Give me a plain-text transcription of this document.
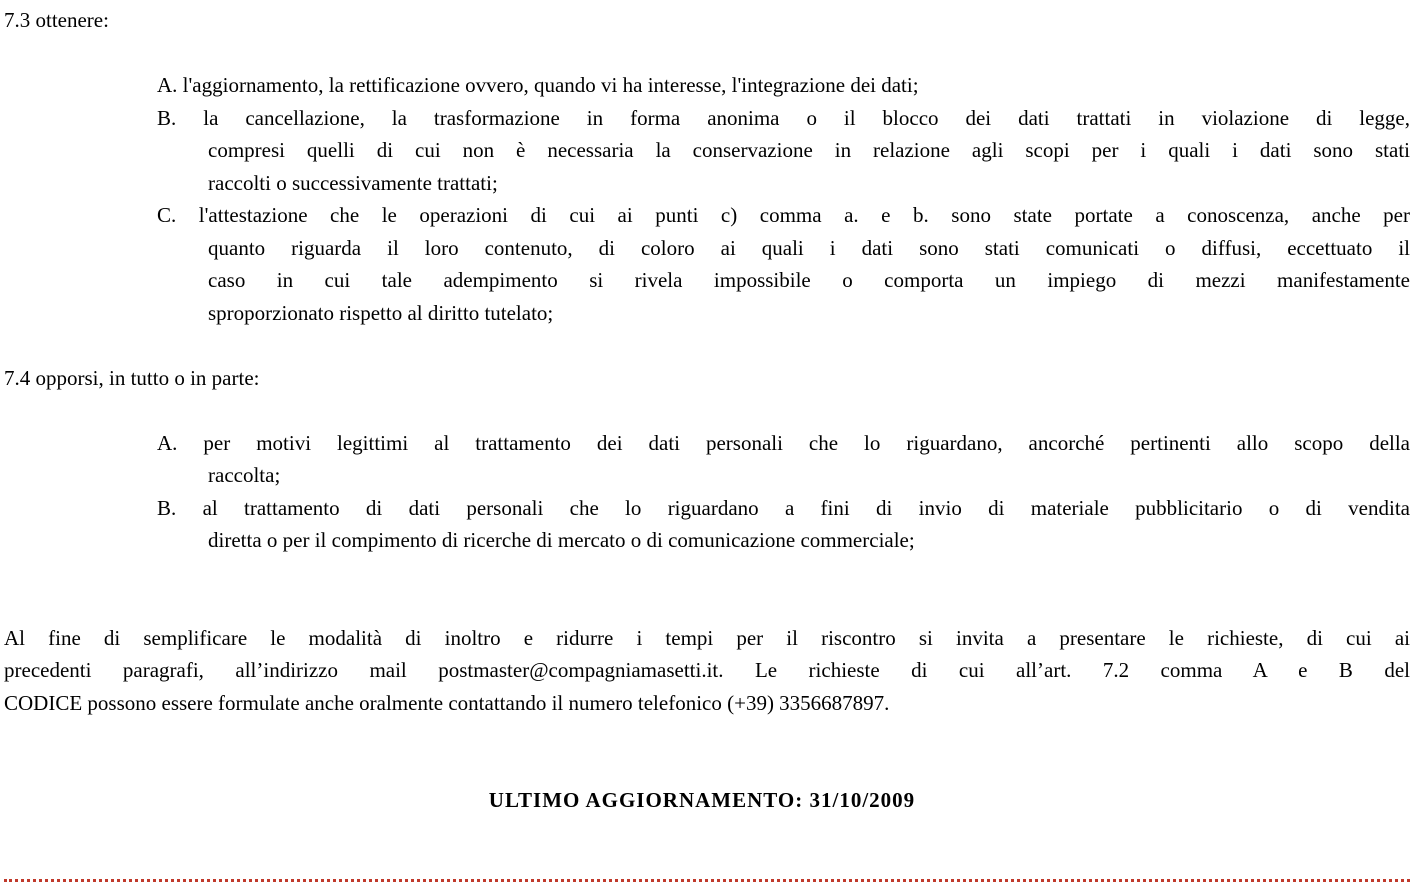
7.3 ottenere:

A. l'aggiornamento, la rettificazione ovvero, quando vi ha interesse, l'integrazione dei dati;
B. la cancellazione, la trasformazione in forma anonima o il blocco dei dati trattati in violazione di legge,
compresi quelli di cui non è necessaria la conservazione in relazione agli scopi per i quali i dati sono stati
raccolti o successivamente trattati;
C. l'attestazione che le operazioni di cui ai punti c) comma a. e b. sono state portate a conoscenza, anche per
quanto riguarda il loro contenuto, di coloro ai quali i dati sono stati comunicati o diffusi, eccettuato il
caso in cui tale adempimento si rivela impossibile o comporta un impiego di mezzi manifestamente
sproporzionato rispetto al diritto tutelato;

7.4 opporsi, in tutto o in parte:

A. per motivi legittimi al trattamento dei dati personali che lo riguardano, ancorché pertinenti allo scopo della
raccolta;
B. al trattamento di dati personali che lo riguardano a fini di invio di materiale pubblicitario o di vendita
diretta o per il compimento di ricerche di mercato o di comunicazione commerciale;

Al fine di semplificare le modalità di inoltro e ridurre i tempi per il riscontro si invita a presentare le richieste, di cui ai
precedenti paragrafi, all’indirizzo mail postmaster@compagniamasetti.it. Le richieste di cui all’art. 7.2 comma A e B del
CODICE possono essere formulate anche oralmente contattando il numero telefonico (+39) 3356687897.

ULTIMO AGGIORNAMENTO: 31/10/2009
